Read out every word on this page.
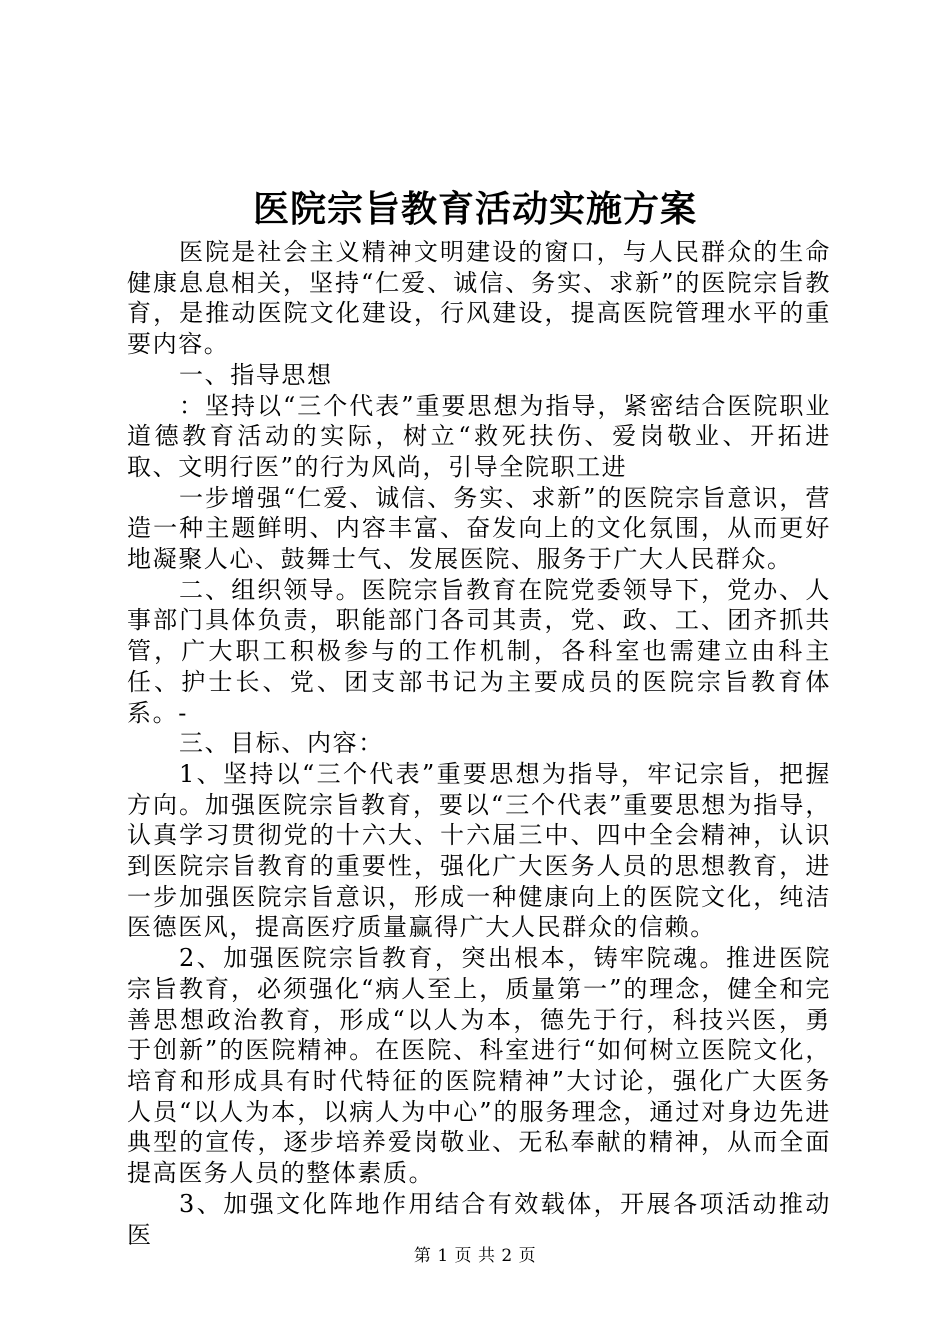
医院宗旨教育活动实施方案

医院是社会主义精神文明建设的窗口，与人民群众的生命健康息息相关，坚持“仁爱、诚信、务实、求新”的医院宗旨教育，是推动医院文化建设，行风建设，提高医院管理水平的重要内容。

一、指导思想

：坚持以“三个代表”重要思想为指导，紧密结合医院职业道德教育活动的实际，树立“救死扶伤、爱岗敬业、开拓进取、文明行医”的行为风尚，引导全院职工进

一步增强“仁爱、诚信、务实、求新”的医院宗旨意识，营造一种主题鲜明、内容丰富、奋发向上的文化氛围，从而更好地凝聚人心、鼓舞士气、发展医院、服务于广大人民群众。

二、组织领导。医院宗旨教育在院党委领导下，党办、人事部门具体负责，职能部门各司其责，党、政、工、团齐抓共管，广大职工积极参与的工作机制，各科室也需建立由科主任、护士长、党、团支部书记为主要成员的医院宗旨教育体系。-

三、目标、内容：

1、坚持以“三个代表”重要思想为指导，牢记宗旨，把握方向。加强医院宗旨教育，要以“三个代表”重要思想为指导，认真学习贯彻党的十六大、十六届三中、四中全会精神，认识到医院宗旨教育的重要性，强化广大医务人员的思想教育，进一步加强医院宗旨意识，形成一种健康向上的医院文化，纯洁医德医风，提高医疗质量赢得广大人民群众的信赖。

2、加强医院宗旨教育，突出根本，铸牢院魂。推进医院宗旨教育，必须强化“病人至上，质量第一”的理念，健全和完善思想政治教育，形成“以人为本，德先于行，科技兴医，勇于创新”的医院精神。在医院、科室进行“如何树立医院文化，培育和形成具有时代特征的医院精神”大讨论，强化广大医务人员“以人为本，以病人为中心”的服务理念，通过对身边先进典型的宣传，逐步培养爱岗敬业、无私奉献的精神，从而全面提高医务人员的整体素质。

3、加强文化阵地作用结合有效载体，开展各项活动推动医

第 1 页 共 2 页
